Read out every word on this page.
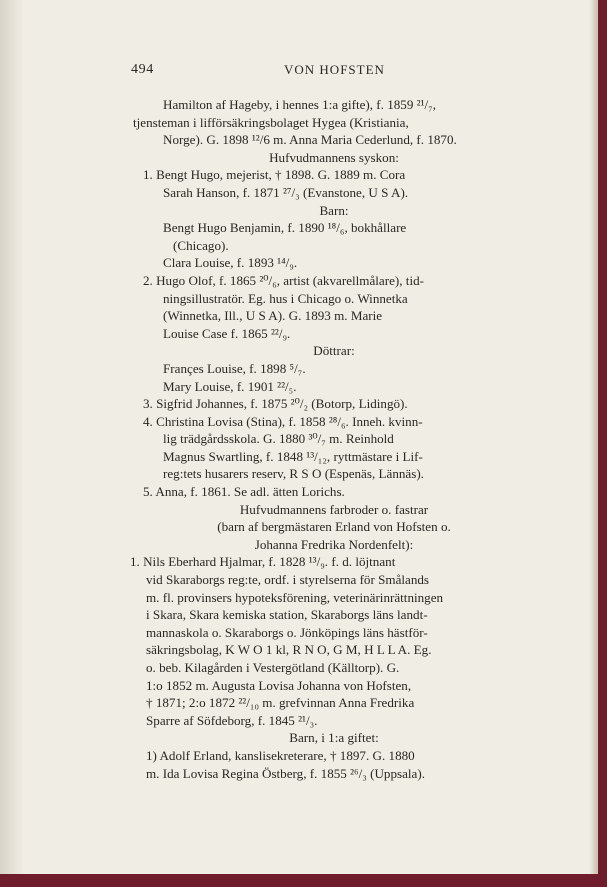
494	VON HOFSTEN
Hamilton af Hageby, i hennes 1:a gifte), f. 1859 ²¹/₇,
tjensteman i lifförsäkringsbolaget Hygea (Kristiania,
Norge). G. 1898 ¹²/6 m. Anna Maria Cederlund, f. 1870.
Hufvudmannens syskon:
1. Bengt Hugo, mejerist, † 1898. G. 1889 m. Cora
Sarah Hanson, f. 1871 ²⁷/₃ (Evanstone, U S A).
Barn:
Bengt Hugo Benjamin, f. 1890 ¹⁸/₆, bokhållare
(Chicago).
Clara Louise, f. 1893 ¹⁴/₉.
2. Hugo Olof, f. 1865 ²⁰/₆, artist (akvarellmålare), tid-
ningsillustratör. Eg. hus i Chicago o. Winnetka
(Winnetka, Ill., U S A). G. 1893 m. Marie
Louise Case f. 1865 ²²/₉.
Döttrar:
Françes Louise, f. 1898 ⁵/₇.
Mary Louise, f. 1901 ²²/₅.
3. Sigfrid Johannes, f. 1875 ²⁰/₂ (Botorp, Lidingö).
4. Christina Lovisa (Stina), f. 1858 ²⁸/₆. Inneh. kvinn-
lig trädgårdsskola. G. 1880 ³⁰/₇ m. Reinhold
Magnus Swartling, f. 1848 ¹³/₁₂, ryttmästare i Lif-
reg:tets husarers reserv, R S O (Espenäs, Lännäs).
5. Anna, f. 1861. Se adl. ätten Lorichs.
Hufvudmannens farbroder o. fastrar
(barn af bergmästaren Erland von Hofsten o.
Johanna Fredrika Nordenfelt):
1. Nils Eberhard Hjalmar, f. 1828 ¹³/₉. f. d. löjtnant
vid Skaraborgs reg:te, ordf. i styrelserna för Smålands
m. fl. provinsers hypoteksförening, veterinärinrättningen
i Skara, Skara kemiska station, Skaraborgs läns landt-
mannaskola o. Skaraborgs o. Jönköpings läns hästför-
säkringsbolag, K W O 1 kl, R N O, G M, H L L A. Eg.
o. beb. Kilagården i Vestergötland (Källtorp). G.
1:o 1852 m. Augusta Lovisa Johanna von Hofsten,
† 1871; 2:o 1872 ²²/₁₀ m. grefvinnan Anna Fredrika
Sparre af Söfdeborg, f. 1845 ²¹/₃.
Barn, i 1:a giftet:
1) Adolf Erland, kanslisekreterare, † 1897. G. 1880
m. Ida Lovisa Regina Östberg, f. 1855 ²⁶/₃ (Uppsala).
